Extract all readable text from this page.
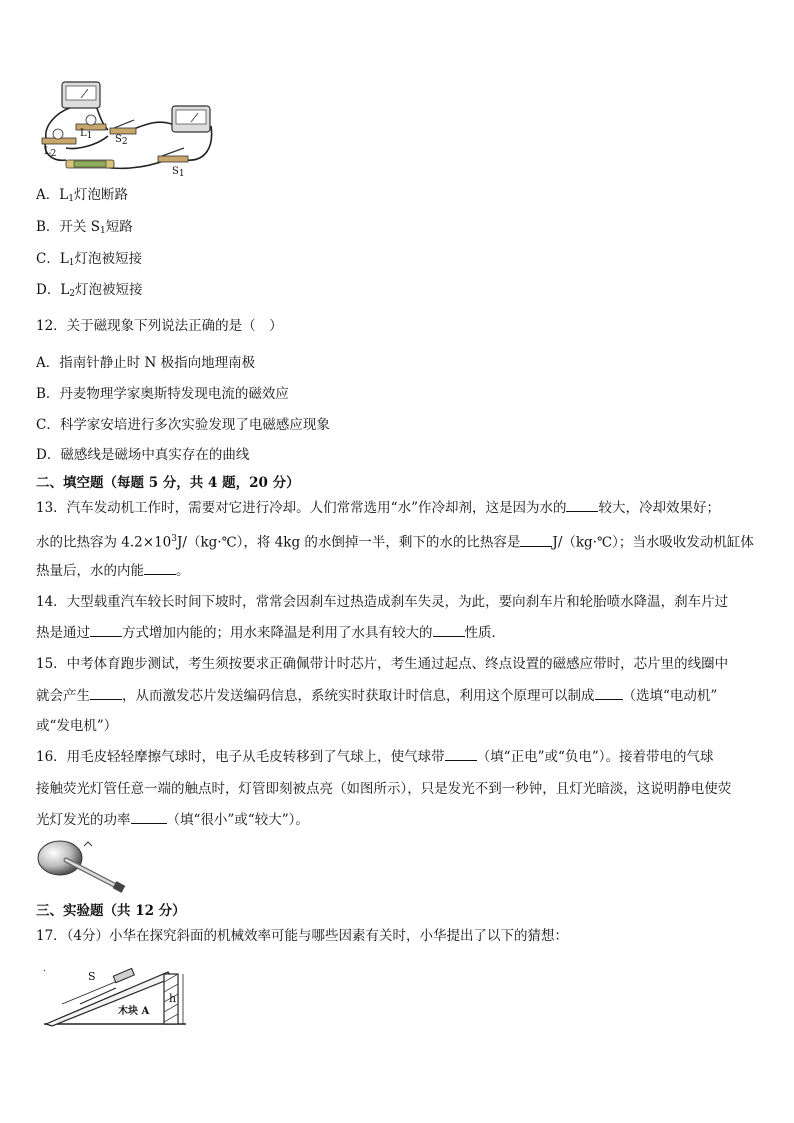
$L_1$
$L_2$
$S_2$
$S_1$
A．$L_1$灯泡断路
B．开关 $S_1$短路
C．$L_1$灯泡被短接
D．$L_2$灯泡被短接
12．关于磁现象下列说法正确的是（　）
A．指南针静止时 N 极指向地理南极
B．丹麦物理学家奥斯特发现电流的磁效应
C．科学家安培进行多次实验发现了电磁感应现象
D．磁感线是磁场中真实存在的曲线
二、填空题（每题 5 分，共 4 题，20 分）
13．汽车发动机工作时，需要对它进行冷却。人们常常选用“水”作冷却剂，这是因为水的 较大，冷却效果好；
水的比热容为 $4.2\times 10^3J/(kg\cdot℃)$，将 4kg 的水倒掉一半，剩下的水的比热容是 J/（kg·℃）；当水吸收发动机缸体
热量后，水的内能 。
14．大型载重汽车较长时间下坡时，常常会因刹车过热造成刹车失灵，为此，要向刹车片和轮胎喷水降温，刹车片过
热是通过 方式增加内能的；用水来降温是利用了水具有较大的 性质．
15．中考体育跑步测试，考生须按要求正确佩带计时芯片，考生通过起点、终点设置的磁感应带时，芯片里的线圈中
就会产生 ，从而激发芯片发送编码信息，系统实时获取计时信息，利用这个原理可以制成 （选填“电动机”
或“发电机”）
16．用毛皮轻轻摩擦气球时，电子从毛皮转移到了气球上，使气球带 （填“正电”或“负电”）。接着带电的气球
接触荧光灯管任意一端的触点时，灯管即刻被点亮（如图所示），只是发光不到一秒钟，且灯光暗淡，这说明静电使荧
光灯发光的功率	（填“很小”或“较大”）。
三、实验题（共 12 分）
17．（4分）小华在探究斜面的机械效率可能与哪些因素有关时，小华提出了以下的猜想：
S
h
木块 A
